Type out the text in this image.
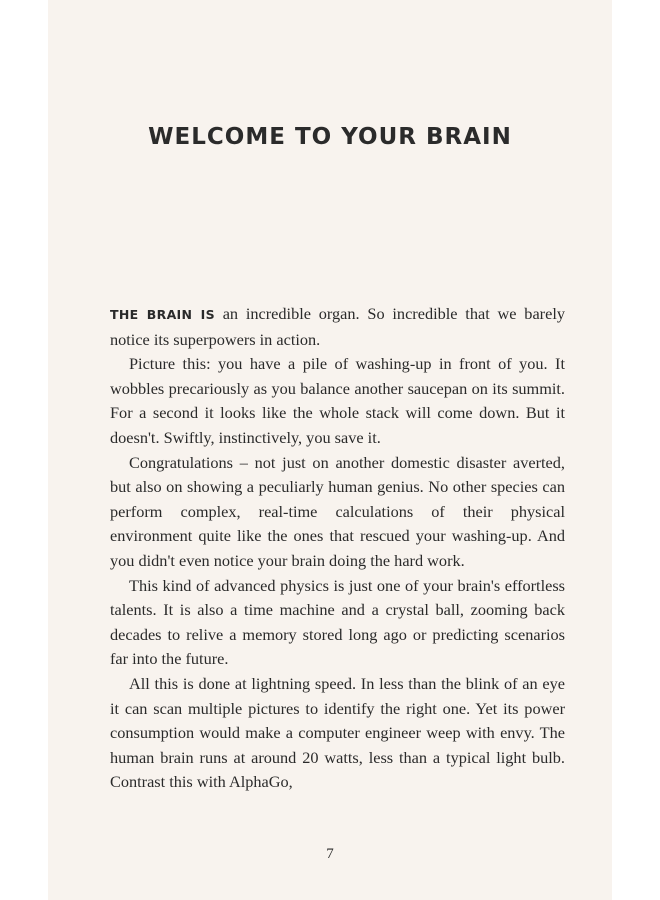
WELCOME TO YOUR BRAIN

THE BRAIN IS an incredible organ. So incredible that we barely notice its superpowers in action.

Picture this: you have a pile of washing-up in front of you. It wobbles precariously as you balance another saucepan on its summit. For a second it looks like the whole stack will come down. But it doesn't. Swiftly, instinctively, you save it.

Congratulations – not just on another domestic disaster averted, but also on showing a peculiarly human genius. No other species can perform complex, real-time calculations of their physical environment quite like the ones that rescued your washing-up. And you didn't even notice your brain doing the hard work.

This kind of advanced physics is just one of your brain's effortless talents. It is also a time machine and a crystal ball, zooming back decades to relive a memory stored long ago or predicting scenarios far into the future.

All this is done at lightning speed. In less than the blink of an eye it can scan multiple pictures to identify the right one. Yet its power consumption would make a computer engineer weep with envy. The human brain runs at around 20 watts, less than a typical light bulb. Contrast this with AlphaGo,

7
